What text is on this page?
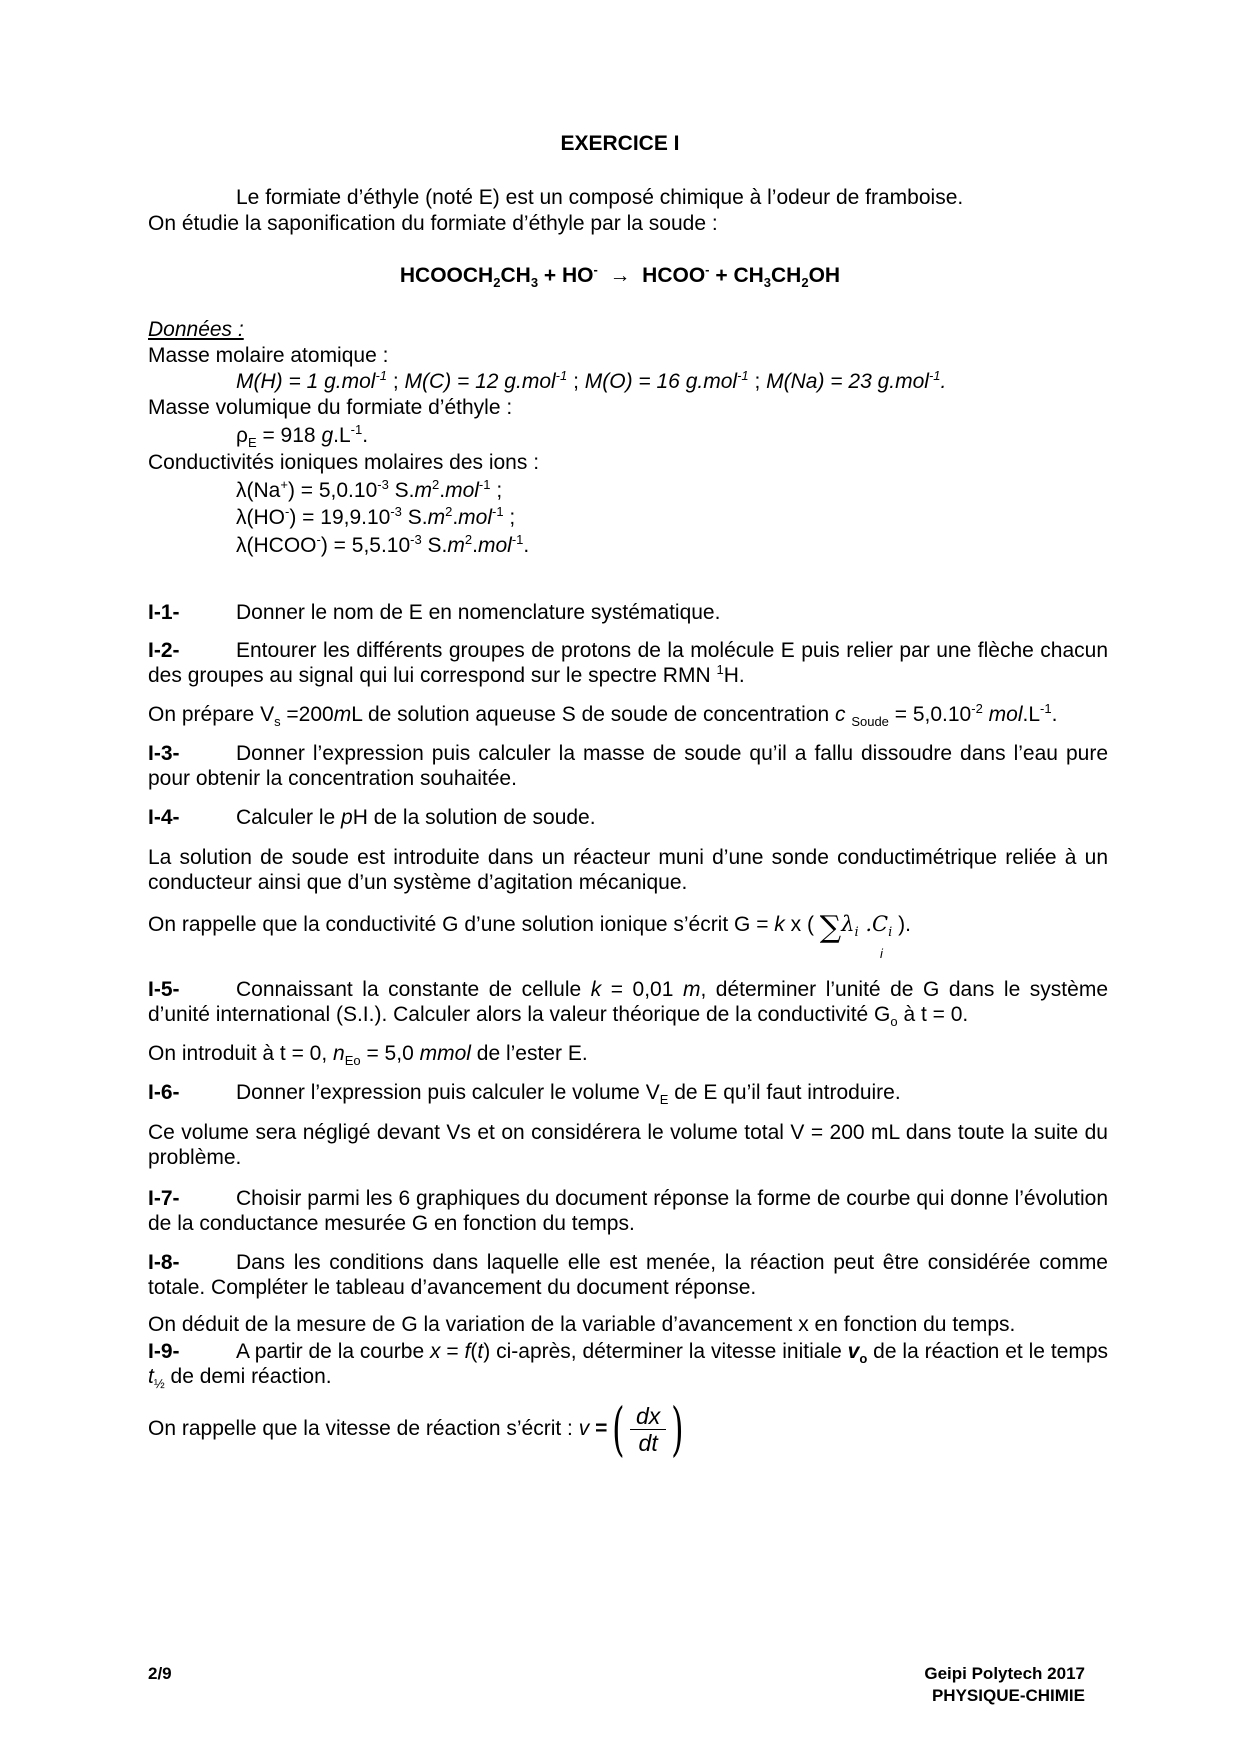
EXERCICE I
Le formiate d’éthyle (noté E) est un composé chimique à l’odeur de framboise.
On étudie la saponification du formiate d’éthyle par la soude :
$HCOOCH_2CH_3 + HO^-$ →  HCOO- + $CH_3CH_2OH$
Données :
Masse molaire atomique :
M(H) = 1 g.mol$^{-1}$ ; M(C) = 12 g.mol$^{-1}$ ; M(O) = 16 g.mol$^{-1}$ ; M(Na) = 23 g.mol$^{-1}$.
Masse volumique du formiate d’éthyle :
$\rho_E = 918$ $g.L^{-1}$.
Conductivités ioniques molaires des ions :
$\lambda(Na^+) = 5,0.10^{-3}$ $S.m^2.mol^{-1}$ ;
$\lambda(HO^-) = 19,9.10^{-3}$ $S.m^2.mol^{-1}$ ;
λ(HCOO-) = $5,5.10^{-3}$ $S.m^2.mol^{-1}$.
I-1-	Donner le nom de E en nomenclature systématique.
I-2-	Entourer les différents groupes de protons de la molécule E puis relier par une flèche chacun des groupes au signal qui lui correspond sur le spectre RMN $^1$H.
On prépare $V_s =200mL$ de solution aqueuse S de soude de concentration c $_{Soude} = 5,0.10^{-2}$ $mol.L^{-1}$.
I-3-	Donner l’expression puis calculer la masse de soude qu’il a fallu dissoudre dans l’eau pure pour obtenir la concentration souhaitée.
I-4-	Calculer le pH de la solution de soude.
La solution de soude est introduite dans un réacteur muni d’une sonde conductimétrique reliée à un conducteur ainsi que d’un système d’agitation mécanique.
On rappelle que la conductivité G d’une solution ionique s’écrit G = k x ( $\sum\lambda_i$ $.C_i$ ).
i
I-5-	Connaissant la constante de cellule k = 0,01 m, déterminer l’unité de G dans le système d’unité international (S.I.). Calculer alors la valeur théorique de la conductivité $G_o$ à t = 0.
On introduit à t = 0, $n_{Eo} = 5,0$ mmol de l’ester E.
I-6-	Donner l’expression puis calculer le volume $V_E$ de E qu’il faut introduire.
Ce volume sera négligé devant Vs et on considérera le volume total V = 200 mL dans toute la suite du problème.
I-7-	Choisir parmi les 6 graphiques du document réponse la forme de courbe qui donne l’évolution de la conductance mesurée G en fonction du temps.
I-8-	Dans les conditions dans laquelle elle est menée, la réaction peut être considérée comme totale. Compléter le tableau d’avancement du document réponse.
On déduit de la mesure de G la variation de la variable d’avancement x en fonction du temps.
I-9-	A partir de la courbe x = f(t) ci-après, déterminer la vitesse initiale $v_o$ de la réaction et le temps $t_{\frac{1}{2}}$ de demi réaction.
On rappelle que la vitesse de réaction s’écrit : v = ( $\frac{dx}{dt}$ )
2/9	Geipi Polytech 2017
PHYSIQUE-CHIMIE
